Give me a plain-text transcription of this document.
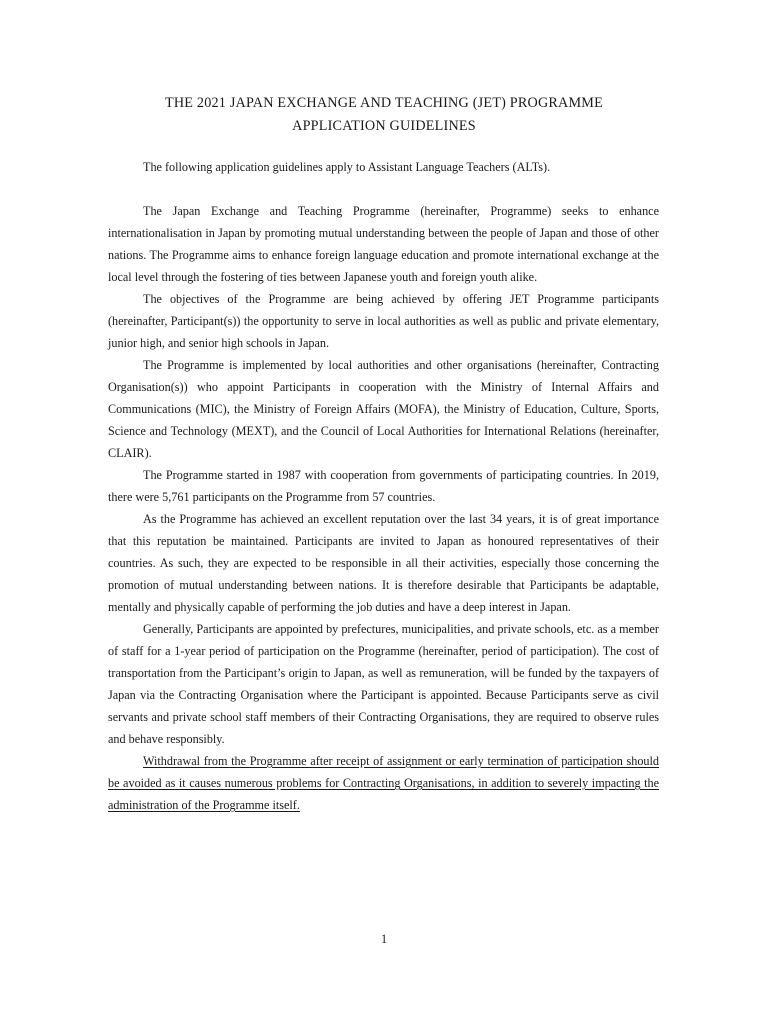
THE 2021 JAPAN EXCHANGE AND TEACHING (JET) PROGRAMME
APPLICATION GUIDELINES
The following application guidelines apply to Assistant Language Teachers (ALTs).

The Japan Exchange and Teaching Programme (hereinafter, Programme) seeks to enhance internationalisation in Japan by promoting mutual understanding between the people of Japan and those of other nations. The Programme aims to enhance foreign language education and promote international exchange at the local level through the fostering of ties between Japanese youth and foreign youth alike.

The objectives of the Programme are being achieved by offering JET Programme participants (hereinafter, Participant(s)) the opportunity to serve in local authorities as well as public and private elementary, junior high, and senior high schools in Japan.

The Programme is implemented by local authorities and other organisations (hereinafter, Contracting Organisation(s)) who appoint Participants in cooperation with the Ministry of Internal Affairs and Communications (MIC), the Ministry of Foreign Affairs (MOFA), the Ministry of Education, Culture, Sports, Science and Technology (MEXT), and the Council of Local Authorities for International Relations (hereinafter, CLAIR).

The Programme started in 1987 with cooperation from governments of participating countries. In 2019, there were 5,761 participants on the Programme from 57 countries.

As the Programme has achieved an excellent reputation over the last 34 years, it is of great importance that this reputation be maintained. Participants are invited to Japan as honoured representatives of their countries. As such, they are expected to be responsible in all their activities, especially those concerning the promotion of mutual understanding between nations. It is therefore desirable that Participants be adaptable, mentally and physically capable of performing the job duties and have a deep interest in Japan.

Generally, Participants are appointed by prefectures, municipalities, and private schools, etc. as a member of staff for a 1-year period of participation on the Programme (hereinafter, period of participation). The cost of transportation from the Participant’s origin to Japan, as well as remuneration, will be funded by the taxpayers of Japan via the Contracting Organisation where the Participant is appointed. Because Participants serve as civil servants and private school staff members of their Contracting Organisations, they are required to observe rules and behave responsibly.

Withdrawal from the Programme after receipt of assignment or early termination of participation should be avoided as it causes numerous problems for Contracting Organisations, in addition to severely impacting the administration of the Programme itself.

1
